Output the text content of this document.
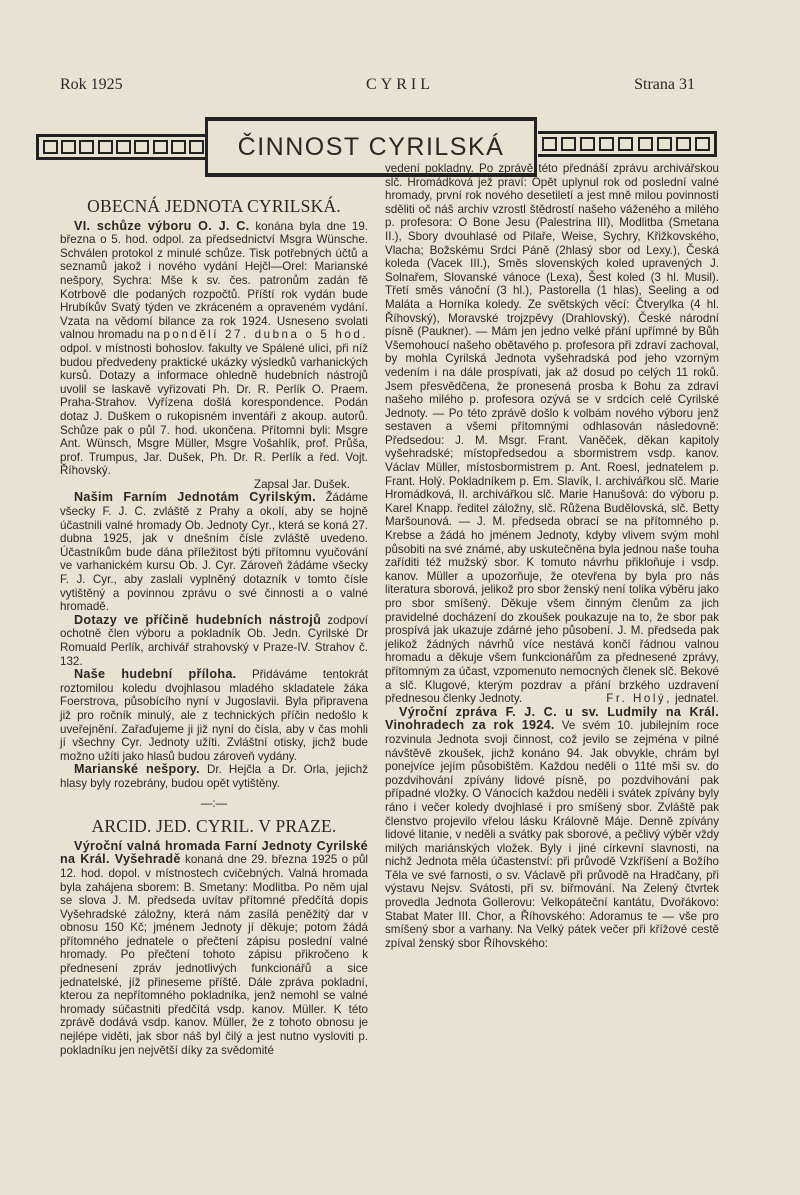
Rok 1925	CYRIL	Strana 31
ČINNOST CYRILSKÁ
OBECNÁ JEDNOTA CYRILSKÁ.

VI. schůze výboru O. J. C. konána byla dne 19. března o 5. hod. odpol. za předsednictví Msgra Wünsche. Schválen protokol z minulé schůze. Tisk potřebných účtů a seznamů jakož i nového vydání Hejčl—Orel: Marianské nešpory, Sychra: Mše k sv. čes. patronům zadán fě Kotrbově dle podaných rozpočtů. Příští rok vydán bude Hrubíkův Svatý týden ve zkráceném a opraveném vydání. Vzata na vědomí bilance za rok 1924. Usneseno svolati valnou hromadu na pondělí 27. dubna o 5 hod. odpol. v místnosti bohoslov. fakulty ve Spálené ulici, při níž budou předvedeny praktické ukázky výsledků varhanických kursů. Dotazy a informace ohledně hudebních nástrojů uvolil se laskavě vyřizovati Ph. Dr. R. Perlík O. Praem. Praha-Strahov. Vyřízena došlá korespondence. Podán dotaz J. Duškem o rukopisném inventáři z akoup. autorů. Schůze pak o půl 7. hod. ukončena. Přítomni byli: Msgre Ant. Wünsch, Msgre Müller, Msgre Vošahlík, prof. Průša, prof. Trumpus, Jar. Dušek, Ph. Dr. R. Perlík a řed. Vojt. Říhovský.

Zapsal Jar. Dušek.

Našim Farním Jednotám Cyrilským. Žádáme všecky F. J. C. zvláště z Prahy a okolí, aby se hojně účastnili valné hromady Ob. Jednoty Cyr., která se koná 27. dubna 1925, jak v dnešním čísle zvláště uvedeno. Účastníkům bude dána příležitost býti přítomnu vyučování ve varhanickém kursu Ob. J. Cyr. Zároveň žádáme všecky F. J. Cyr., aby zaslali vyplněný dotazník v tomto čísle vytištěný a povinnou zprávu o své činnosti a o valné hromadě.

Dotazy ve příčině hudebních nástrojů zodpoví ochotně člen výboru a pokladník Ob. Jedn. Cyrilské Dr Romuald Perlík, archivář strahovský v Praze-IV. Strahov č. 132.

Naše hudební příloha. Přidáváme tentokrát roztomilou koledu dvojhlasou mladého skladatele žáka Foerstrova, působícího nyní v Jugoslavii. Byla připravena již pro ročník minulý, ale z technických příčin nedošlo k uveřejnění. Zařaďujeme ji již nyní do čísla, aby v čas mohli jí všechny Cyr. Jednoty užíti. Zvláštní otisky, jichž bude možno užíti jako hlasů budou zároveň vydány.

Marianské nešpory. Dr. Hejčla a Dr. Orla, jejichž hlasy byly rozebrány, budou opět vytištěny.

—:—
ARCID. JED. CYRIL. V PRAZE.

Výroční valná hromada Farní Jednoty Cyrilské na Král. Vyšehradě konaná dne 29. března 1925 o půl 12. hod. dopol. v místnostech cvičebných. Valná hromada byla zahájena sborem: B. Smetany: Modlitba. Po něm ujal se slova J. M. předseda uvítav přítomné předčítá dopis Vyšehradské záložny, která nám zasílá peněžitý dar v obnosu 150 Kč; jménem Jednoty jí děkuje; potom žádá přítomného jednatele o přečtení zápisu poslední valné hromady. Po přečtení tohoto zápisu přikročeno k přednesení zpráv jednotlivých funkcionářů a sice jednatelské, jíž přineseme příště. Dále zpráva pokladní, kterou za nepřítomného pokladníka, jenž nemohl se valné hromady súčastniti předčítá vsdp. kanov. Müller. K této zprávě dodává vsdp. kanov. Müller, že z tohoto obnosu je nejlépe viděti, jak sbor náš byl čilý a jest nutno vysloviti p. pokladníku jen největší díky za svědomité

vedení pokladny. Po zprávě této přednáší zprávu archivářskou slč. Hromádková jež praví: Opět uplynul rok od poslední valné hromady, první rok nového desetiletí a jest mně milou povinností sděliti oč náš archiv vzrostl štědrostí našeho váženého a milého p. profesora: O Bone Jesu (Palestrina III), Modlitba (Smetana II.), Sbory dvouhlasé od Pilaře, Weise, Sychry, Křižkovského, Vlacha; Božskému Srdci Páně (2hlasý sbor od Lexy.), Česká koleda (Vacek III.), Směs slovenských koled upravených J. Solnařem, Slovanské vánoce (Lexa), Šest koled (3 hl. Musil). Třetí směs vánoční (3 hl.), Pastorella (1 hlas), Seeling a od Maláta a Horníka koledy. Ze světských věcí: Čtverylka (4 hl. Říhovský), Moravské trojzpěvy (Drahlovský). České národní písně (Paukner). — Mám jen jedno velké přání upřímné by Bůh Všemohoucí našeho obětavého p. profesora při zdraví zachoval, by mohla Cyrilská Jednota vyšehradská pod jeho vzorným vedením i na dále prospívati, jak až dosud po celých 11 roků. Jsem přesvědčena, že pronesená prosba k Bohu za zdraví našeho milého p. profesora ozývá se v srdcích celé Cyrilské Jednoty. — Po této zprávě došlo k volbám nového výboru jenž sestaven a všemi přítomnými odhlasován následovně: Předsedou: J. M. Msgr. Frant. Vaněček, děkan kapitoly vyšehradské; místopředsedou a sbormistrem vsdp. kanov. Václav Müller, místosbormistrem p. Ant. Roesl, jednatelem p. Frant. Holý. Pokladníkem p. Em. Slavík, I. archivářkou slč. Marie Hromádková, II. archivářkou slč. Marie Hanušová: do výboru p. Karel Knapp. ředitel záložny, slč. Růžena Budělovská, slč. Betty Maršounová. — J. M. předseda obrací se na přítomného p. Krebse a žádá ho jménem Jednoty, kdyby vlivem svým mohl působiti na své známé, aby uskutečněna byla jednou naše touha zaříditi též mužský sbor. K tomuto návrhu přikloňuje i vsdp. kanov. Müller a upozorňuje, že otevřena by byla pro nás literatura sborová, jelikož pro sbor ženský není tolika výběru jako pro sbor smíšený. Děkuje všem činným členům za jich pravidelné docházení do zkoušek poukazuje na to, že sbor pak prospívá jak ukazuje zdárné jeho působení. J. M. předseda pak jelikož žádných návrhů více nestává končí řádnou valnou hromadu a děkuje všem funkcionářům za přednesené zprávy, přítomným za účast, vzpomenuto nemocných členek slč. Bekové a slč. Klugové, kterým pozdrav a přání brzkého uzdravení přednesou členky Jednoty.	Fr. Holý, jednatel.

Výroční zpráva F. J. C. u sv. Ludmily na Král. Vinohradech za rok 1924. Ve svém 10. jubilejním roce rozvinula Jednota svoji činnost, což jevilo se zejména v pilné návštěvě zkoušek, jichž konáno 94. Jak obvykle, chrám byl ponejvíce jejím působištěm. Každou neděli o 11té mši sv. do pozdvihování zpívány lidové písně, po pozdvihování pak případné vložky. O Vánocích každou neděli i svátek zpívány byly ráno i večer koledy dvojhlasé i pro smíšený sbor. Zvláště pak členstvo projevilo vřelou lásku Královně Máje. Denně zpívány lidové litanie, v neděli a svátky pak sborové, a pečlivý výběr vždy milých mariánských vložek. Byly i jiné církevní slavnosti, na nichž Jednota měla účastenství: při průvodě Vzkříšení a Božího Těla ve své farnosti, o sv. Václavě při průvodě na Hradčany, při výstavu Nejsv. Svátosti, při sv. biřmování. Na Zelený čtvrtek provedla Jednota Gollerovu: Velkopáteční kantátu, Dvořákovo: Stabat Mater III. Chor, a Říhovského: Adoramus te — vše pro smíšený sbor a varhany. Na Velký pátek večer při křížové cestě zpíval ženský sbor Říhovského:
